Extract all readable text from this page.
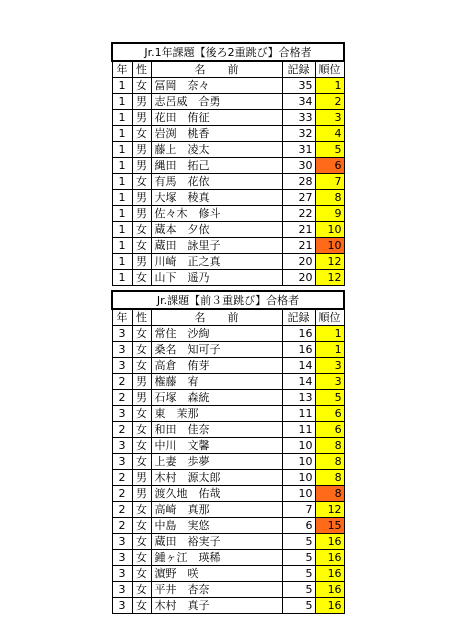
Jr.1年課題【後ろ2重跳び】合格者				
年	性	名　　前	記録	順位
1	女	冨岡　奈々	35	1
1	男	志呂威　合勇	34	2
1	男	花田　侑征	33	3
1	女	岩渕　桃香	32	4
1	男	藤上　凌太	31	5
1	男	縄田　拓己	30	6
1	女	有馬　花依	28	7
1	男	大塚　稜真	27	8
1	男	佐々木　修斗	22	9
1	女	蔵本　夕依	21	10
1	女	蔵田　詠里子	21	10
1	男	川崎　正之真	20	12
1	女	山下　遥乃	20	12
Jr.課題【前３重跳び】合格者				
年	性	名　　前	記録	順位
3	女	常住　沙絢	16	1
3	女	桑名　知可子	16	1
3	女	高倉　侑芽	14	3
2	男	権藤　宥	14	3
2	男	石塚　森統	13	5
3	女	東　茉那	11	6
2	女	和田　佳奈	11	6
3	女	中川　文馨	10	8
3	女	上妻　歩夢	10	8
2	男	木村　源太郎	10	8
2	男	渡久地　佑哉	10	8
2	女	高崎　真那	7	12
2	女	中島　実悠	6	15
3	女	蔵田　裕実子	5	16
3	女	鍾ヶ江　瑛稀	5	16
3	女	濵野　咲	5	16
3	女	平井　杏奈	5	16
3	女	木村　真子	5	16
